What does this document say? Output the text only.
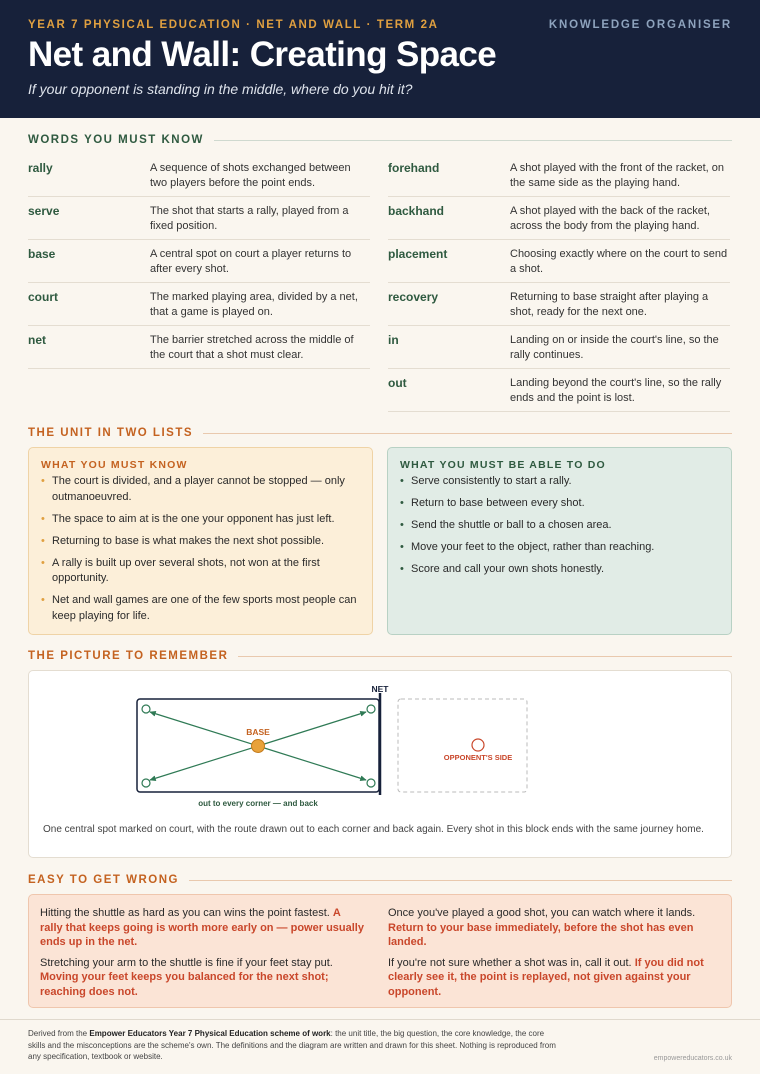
YEAR 7 PHYSICAL EDUCATION · NET AND WALL · TERM 2A	KNOWLEDGE ORGANISER
Net and Wall: Creating Space
If your opponent is standing in the middle, where do you hit it?
WORDS YOU MUST KNOW
rally	A sequence of shots exchanged between two players before the point ends.
serve	The shot that starts a rally, played from a fixed position.
base	A central spot on court a player returns to after every shot.
court	The marked playing area, divided by a net, that a game is played on.
net	The barrier stretched across the middle of the court that a shot must clear.
forehand	A shot played with the front of the racket, on the same side as the playing hand.
backhand	A shot played with the back of the racket, across the body from the playing hand.
placement	Choosing exactly where on the court to send a shot.
recovery	Returning to base straight after playing a shot, ready for the next one.
in	Landing on or inside the court's line, so the rally continues.
out	Landing beyond the court's line, so the rally ends and the point is lost.
THE UNIT IN TWO LISTS
WHAT YOU MUST KNOW
• The court is divided, and a player cannot be stopped — only outmanoeuvred.
• The space to aim at is the one your opponent has just left.
• Returning to base is what makes the next shot possible.
• A rally is built up over several shots, not won at the first opportunity.
• Net and wall games are one of the few sports most people can keep playing for life.
WHAT YOU MUST BE ABLE TO DO
• Serve consistently to start a rally.
• Return to base between every shot.
• Send the shuttle or ball to a chosen area.
• Move your feet to the object, rather than reaching.
• Score and call your own shots honestly.
THE PICTURE TO REMEMBER
NET
BASE
OPPONENT'S SIDE
out to every corner — and back
One central spot marked on court, with the route drawn out to each corner and back again. Every shot in this block ends with the same journey home.
EASY TO GET WRONG

Hitting the shuttle as hard as you can wins the point fastest. A rally that keeps going is worth more early on — power usually ends up in the net.

Stretching your arm to the shuttle is fine if your feet stay put. Moving your feet keeps you balanced for the next shot; reaching does not.

Once you've played a good shot, you can watch where it lands. Return to your base immediately, before the shot has even landed.

If you're not sure whether a shot was in, call it out. If you did not clearly see it, the point is replayed, not given against your opponent.

Derived from the Empower Educators Year 7 Physical Education scheme of work: the unit title, the big question, the core knowledge, the core skills and the misconceptions are the scheme's own. The definitions and the diagram are written and drawn for this sheet. Nothing is reproduced from any specification, textbook or website.	empowereducators.co.uk
